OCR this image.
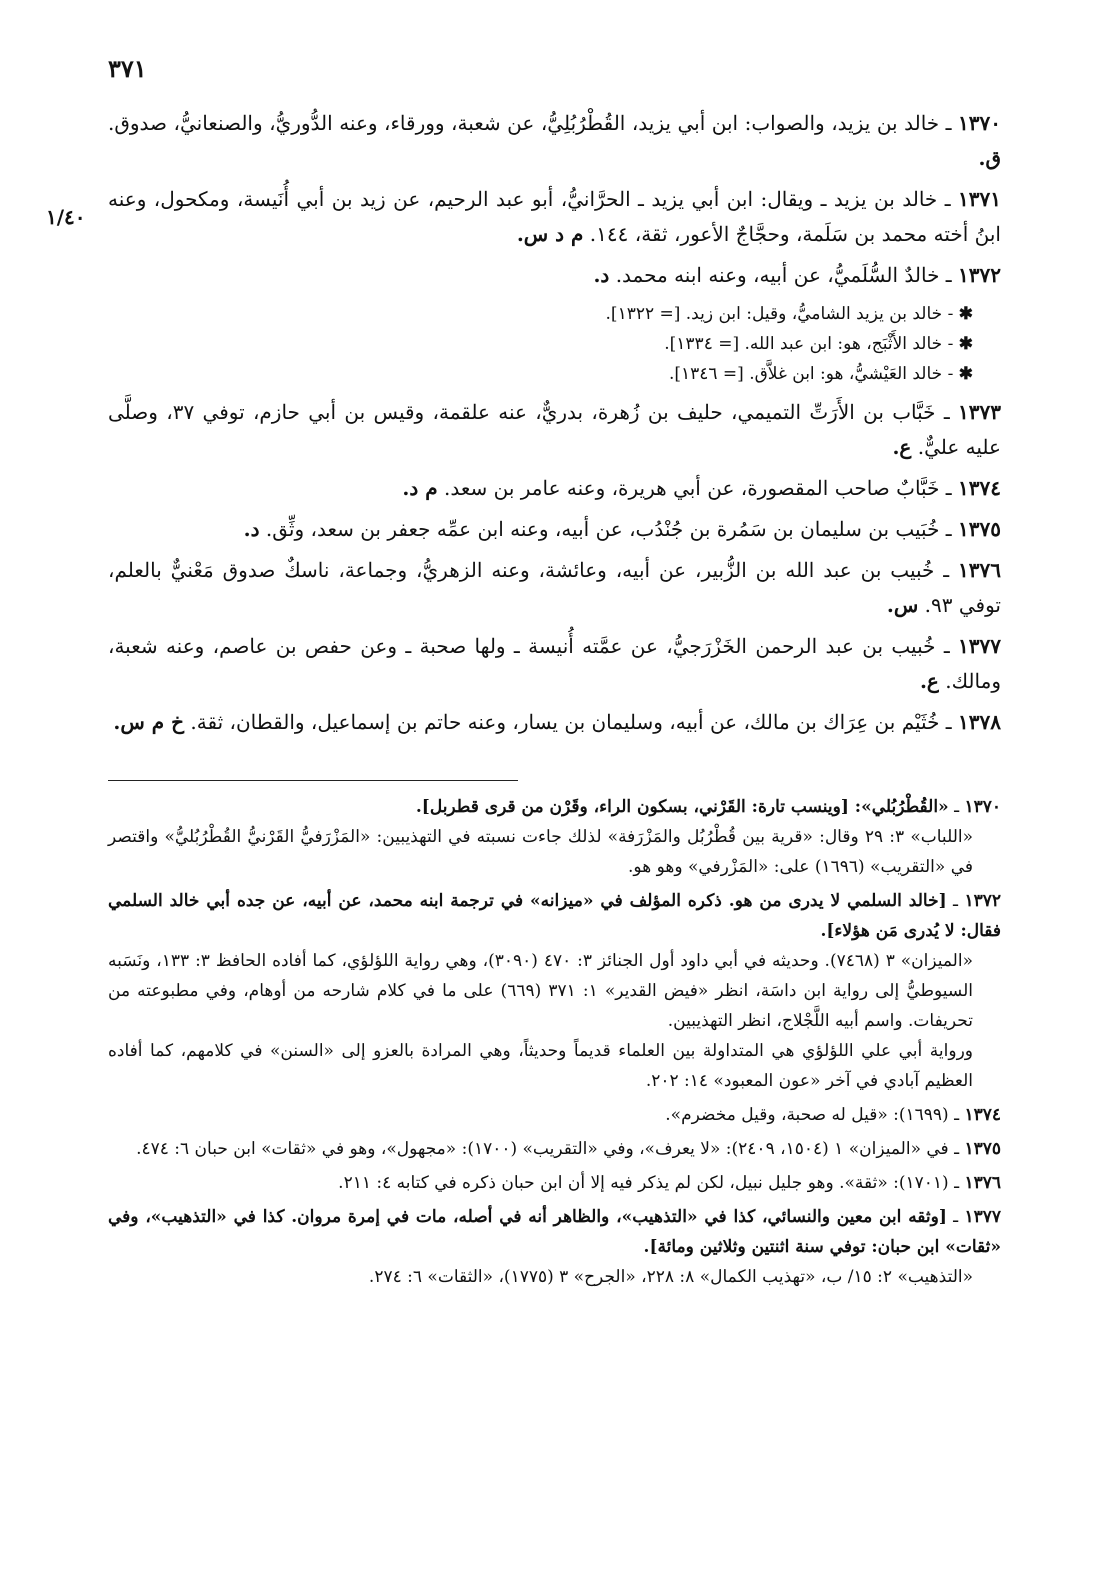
٣٧١
١/٤٠
١٣٧٠ ـ خالد بن يزيد، والصواب: ابن أبي يزيد، القُطْرُبُلِيُّ، عن شعبة، وورقاء، وعنه الدُّوريُّ، والصنعانيُّ، صدوق. ق.
١٣٧١ ـ خالد بن يزيد ـ ويقال: ابن أبي يزيد ـ الحرَّانيُّ، أبو عبد الرحيم، عن زيد بن أبي أُنَيسة، ومكحول، وعنه ابنُ أخته محمد بن سَلَمة، وحجَّاجٌ الأعور، ثقة، ١٤٤. م د س.
١٣٧٢ ـ خالدٌ السُّلَميُّ، عن أبيه، وعنه ابنه محمد. د.
✱ - خالد بن يزيد الشاميُّ، وقيل: ابن زيد. [= ١٣٢٢].
✱ - خالد الأَثْبَج، هو: ابن عبد الله. [= ١٣٣٤].
✱ - خالد العَيْشيُّ، هو: ابن غلاَّق. [= ١٣٤٦].
١٣٧٣ ـ خَبَّاب بن الأَرَتِّ التميمي، حليف بن زُهرة، بدريٌّ، عنه علقمة، وقيس بن أبي حازم، توفي ٣٧، وصلَّى عليه عليٌّ. ع.
١٣٧٤ ـ خَبَّابٌ صاحب المقصورة، عن أبي هريرة، وعنه عامر بن سعد. م د.
١٣٧٥ ـ خُبَيب بن سليمان بن سَمُرة بن جُنْدُب، عن أبيه، وعنه ابن عمِّه جعفر بن سعد، وثِّق. د.
١٣٧٦ ـ خُبيب بن عبد الله بن الزُّبير، عن أبيه، وعائشة، وعنه الزهريُّ، وجماعة، ناسكٌ صدوق مَعْنيٌّ بالعلم، توفي ٩٣. س.
١٣٧٧ ـ خُبيب بن عبد الرحمن الخَزْرَجيُّ، عن عمَّته أُنيسة ـ ولها صحبة ـ وعن حفص بن عاصم، وعنه شعبة، ومالك. ع.
١٣٧٨ ـ خُثَيْم بن عِرَاك بن مالك، عن أبيه، وسليمان بن يسار، وعنه حاتم بن إسماعيل، والقطان، ثقة. خ م س.
١٣٧٠ ـ «القُطْرُبُلي»: [وينسب تارة: القَرْني، بسكون الراء، وقَرْن من قرى قطربل].
«اللباب» ٣: ٢٩ وقال: «قرية بين قُطْرُبُل والمَزْرَفة» لذلك جاءت نسبته في التهذيبين: «المَزْرَفيُّ القَرْنيُّ القُطْرُبُليُّ» واقتصر في «التقريب» (١٦٩٦) على: «المَزْرفي» وهو هو.
١٣٧٢ ـ [خالد السلمي لا يدرى من هو. ذكره المؤلف في «ميزانه» في ترجمة ابنه محمد، عن أبيه، عن جده أبي خالد السلمي فقال: لا يُدرى مَن هؤلاء].
«الميزان» ٣ (٧٤٦٨). وحديثه في أبي داود أول الجنائز ٣: ٤٧٠ (٣٠٩٠)، وهي رواية اللؤلؤي، كما أفاده الحافظ ٣: ١٣٣، ونَسَبه السيوطيُّ إلى رواية ابن داسَة، انظر «فيض القدير» ١: ٣٧١ (٦٦٩) على ما في كلام شارحه من أوهام، وفي مطبوعته من تحريفات. واسم أبيه اللَّجْلاج، انظر التهذيبين.
ورواية أبي علي اللؤلؤي هي المتداولة بين العلماء قديماً وحديثاً، وهي المرادة بالعزو إلى «السنن» في كلامهم، كما أفاده العظيم آبادي في آخر «عون المعبود» ١٤: ٢٠٢.
١٣٧٤ ـ (١٦٩٩): «قيل له صحبة، وقيل مخضرم».
١٣٧٥ ـ في «الميزان» ١ (١٥٠٤، ٢٤٠٩): «لا يعرف»، وفي «التقريب» (١٧٠٠): «مجهول»، وهو في «ثقات» ابن حبان ٦: ٤٧٤.
١٣٧٦ ـ (١٧٠١): «ثقة». وهو جليل نبيل، لكن لم يذكر فيه إلا أن ابن حبان ذكره في كتابه ٤: ٢١١.
١٣٧٧ ـ [وثقه ابن معين والنسائي، كذا في «التذهيب»، والظاهر أنه في أصله، مات في إمرة مروان. كذا في «التذهيب»، وفي «ثقات» ابن حبان: توفي سنة اثنتين وثلاثين ومائة].
«التذهيب» ٢: ١٥/ ب، «تهذيب الكمال» ٨: ٢٢٨، «الجرح» ٣ (١٧٧٥)، «الثقات» ٦: ٢٧٤.
